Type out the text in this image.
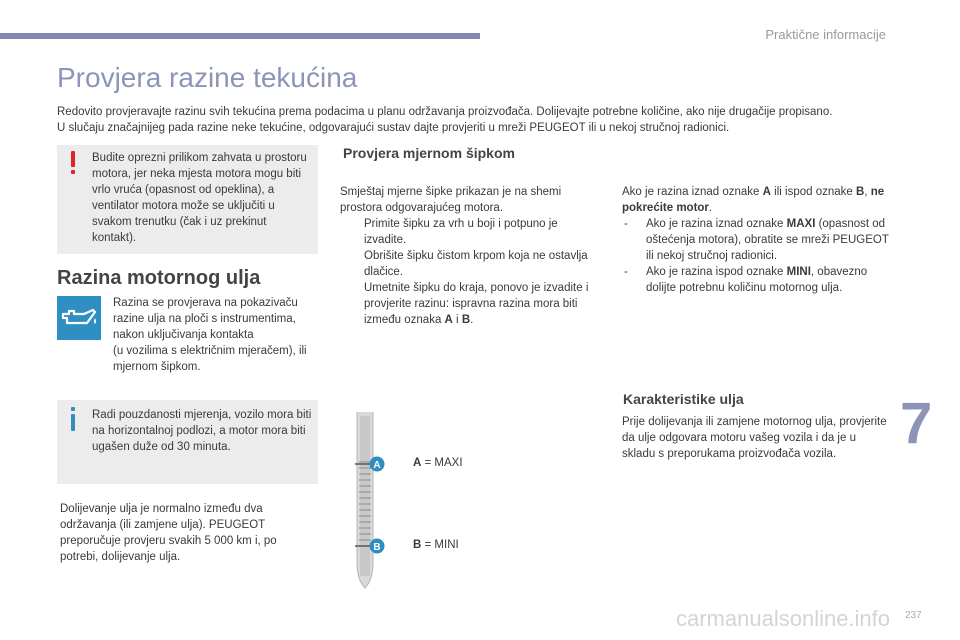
Praktične informacije
Provjera razine tekućina

Redovito provjeravajte razinu svih tekućina prema podacima u planu održavanja proizvođača. Dolijevajte potrebne količine, ako nije drugačije propisano.

U slučaju značajnijeg pada razine neke tekućine, odgovarajući sustav dajte provjeriti u mreži PEUGEOT ili u nekoj stručnoj radionici.

Budite oprezni prilikom zahvata u prostoru motora, jer neka mjesta motora mogu biti vrlo vruća (opasnost od opeklina), a ventilator motora može se uključiti u svakom trenutku (čak i uz prekinut kontakt).
Razina motornog ulja
Razina se provjerava na pokazivaču razine ulja na ploči s instrumentima, nakon uključivanja kontakta
(u vozilima s električnim mjeračem), ili mjernom šipkom.
Radi pouzdanosti mjerenja, vozilo mora biti na horizontalnoj podlozi, a motor mora biti ugašen duže od 30 minuta.
Dolijevanje ulja je normalno između dva održavanja (ili zamjene ulja). PEUGEOT preporučuje provjeru svakih 5 000 km i, po potrebi, dolijevanje ulja.
Provjera mjernom šipkom

Smještaj mjerne šipke prikazan je na shemi prostora odgovarajućeg motora.

Primite šipku za vrh u boji i potpuno je izvadite.
Obrišite šipku čistom krpom koja ne ostavlja dlačice.
Umetnite šipku do kraja, ponovo je izvadite i provjerite razinu: ispravna razina mora biti između oznaka A i B.

Ako je razina iznad oznake A ili ispod oznake B, ne pokrećite motor.

- Ako je razina iznad oznake MAXI (opasnost od oštećenja motora), obratite se mreži PEUGEOT ili nekoj stručnoj radionici.
- Ako je razina ispod oznake MINI, obavezno dolijte potrebnu količinu motornog ulja.
Karakteristike ulja
Prije dolijevanja ili zamjene motornog ulja, provjerite da ulje odgovara motoru vašeg vozila i da je u skladu s preporukama proizvođača vozila.
A
B
A = MAXI
B = MINI
7
carmanualsonline.info 237
